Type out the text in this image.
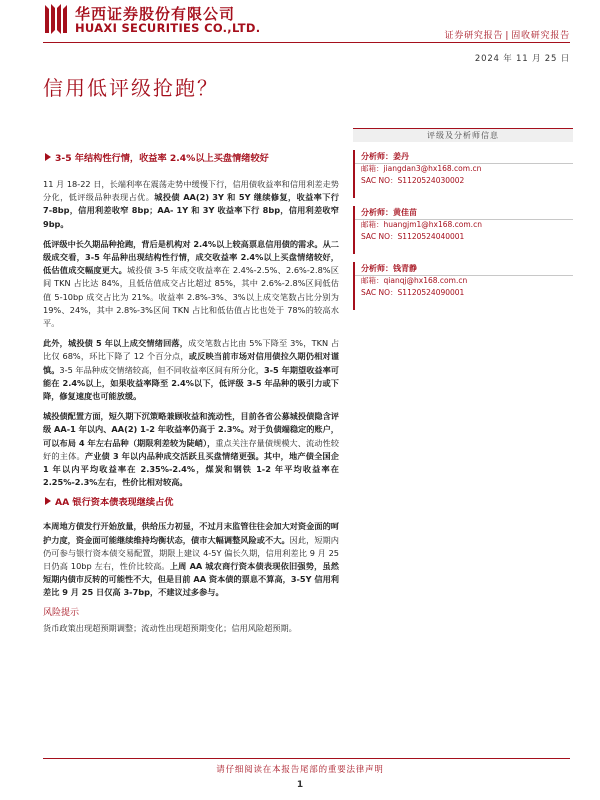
华西证券股份有限公司
HUAXI SECURITIES CO.,LTD.
证券研究报告 | 固收研究报告
2024 年 11 月 25 日
信用低评级抢跑？
3-5 年结构性行情，收益率 2.4%以上买盘情绪较好

11 月 18-22 日，长端利率在震荡走势中缓慢下行，信用债收益率和信用利差走势分化，低评级品种表现占优。城投债 AA(2) 3Y 和 5Y 继续修复，收益率下行 7-8bp，信用利差收窄 8bp；AA- 1Y 和 3Y 收益率下行 8bp，信用利差收窄 9bp。

低评级中长久期品种抢跑，背后是机构对 2.4%以上较高票息信用债的需求。从二级成交看，3-5 年品种出现结构性行情，成交收益率 2.4%以上买盘情绪较好，低估值成交幅度更大。城投债 3-5 年成交收益率在 2.4%-2.5%、2.6%-2.8%区间 TKN 占比达 84%，且低估值成交占比超过 85%，其中 2.6%-2.8%区间低估值 5-10bp 成交占比为 21%。收益率 2.8%-3%、3%以上成交笔数占比分别为 19%、24%，其中 2.8%-3%区间 TKN 占比和低估值占比也处于 78%的较高水平。

此外，城投债 5 年以上成交情绪回落，成交笔数占比由 5%下降至 3%，TKN 占比仅 68%，环比下降了 12 个百分点，或反映当前市场对信用债拉久期仍相对谨慎。3-5 年品种成交情绪较高，但不同收益率区间有所分化，3-5 年期望收益率可能在 2.4%以上，如果收益率降至 2.4%以下，低评级 3-5 年品种的吸引力或下降，修复速度也可能放缓。

城投债配置方面，短久期下沉策略兼顾收益和流动性，目前各省公募城投债隐含评级 AA-1 年以内、AA(2) 1-2 年收益率仍高于 2.3%。对于负债端稳定的账户，可以布局 4 年左右品种（期限利差较为陡峭），重点关注存量债规模大、流动性较好的主体。产业债 3 年以内品种成交活跃且买盘情绪更强。其中，地产债全国企 1 年以内平均收益率在 2.35%-2.4%，煤炭和钢铁 1-2 年平均收益率在 2.25%-2.3%左右，性价比相对较高。

AA 银行资本债表现继续占优

本周地方债发行开始放量，供给压力初显，不过月末监管往往会加大对资金面的呵护力度，资金面可能继续维持均衡状态，债市大幅调整风险或不大。因此，短期内仍可参与银行资本债交易配置，期限上建议 4-5Y 偏长久期，信用利差比 9 月 25 日仍高 10bp 左右，性价比较高。上周 AA 城农商行资本债表现依旧强势，虽然短期内债市反转的可能性不大，但是目前 AA 资本债的票息不算高，3-5Y 信用利差比 9 月 25 日仅高 3-7bp，不建议过多参与。

风险提示

货币政策出现超预期调整；流动性出现超预期变化；信用风险超预期。

评级及分析师信息
分析师：姜丹
邮箱：jiangdan3@hx168.com.cn
SAC NO：S1120524030002
分析师：黄佳苗
邮箱：huangjm1@hx168.com.cn
SAC NO：S1120524040001
分析师：钱青静
邮箱：qianqj@hx168.com.cn
SAC NO：S1120524090001
请仔细阅读在本报告尾部的重要法律声明
1
